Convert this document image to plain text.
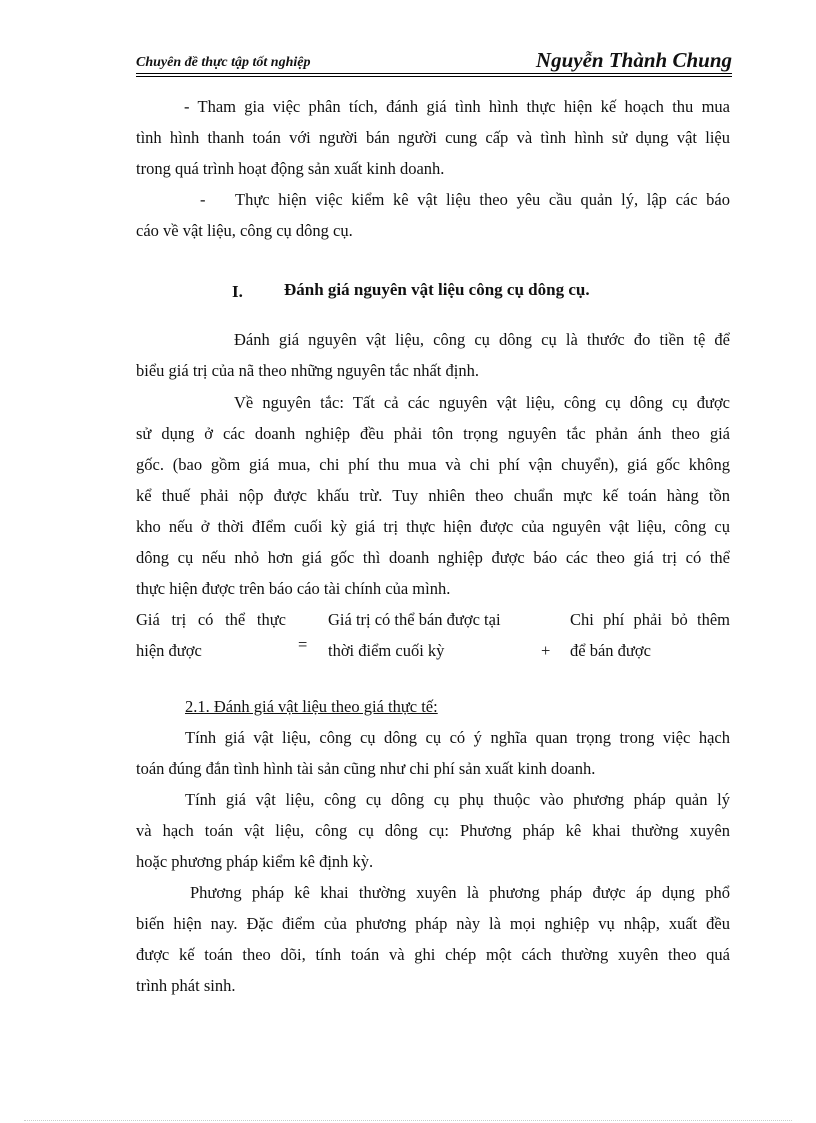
Chuyên đề thực tập tốt nghiệp	Nguyễn Thành Chung
- Tham gia việc phân tích, đánh giá tình hình thực hiện kế hoạch thu mua
tình hình thanh toán với người bán người cung cấp và tình hình sử dụng vật liệu
trong quá trình hoạt động sản xuất kinh doanh.
- Thực hiện việc kiểm kê vật liệu theo yêu cầu quản lý, lập các báo
cáo về vật liệu, công cụ dông cụ.
I. Đánh giá nguyên vật liệu công cụ dông cụ.
Đánh giá nguyên vật liệu, công cụ dông cụ là thước đo tiền tệ để
biểu giá trị của nã theo những nguyên tắc nhất định.
Về nguyên tắc: Tất cả các nguyên vật liệu, công cụ dông cụ được
sử dụng ở các doanh nghiệp đều phải tôn trọng nguyên tắc phản ánh theo giá
gốc. (bao gồm giá mua, chi phí thu mua và chi phí vận chuyển), giá gốc không
kể thuế phải nộp được khấu trừ. Tuy nhiên theo chuẩn mực kế toán hàng tồn
kho nếu ở thời đIểm cuối kỳ giá trị thực hiện được của nguyên vật liệu, công cụ
dông cụ nếu nhỏ hơn giá gốc thì doanh nghiệp được báo các theo giá trị có thể
thực hiện được trên báo cáo tài chính của mình.
Giá trị có thể thực
hiện được	=
Giá trị có thể bán được tại
thời điểm cuối kỳ	+
Chi phí phải bỏ thêm
để bán được
2.1. Đánh giá vật liệu theo giá thực tế:
Tính giá vật liệu, công cụ dông cụ có ý nghĩa quan trọng trong việc hạch
toán đúng đắn tình hình tài sản cũng như chi phí sản xuất kinh doanh.
Tính giá vật liệu, công cụ dông cụ phụ thuộc vào phương pháp quản lý
và hạch toán vật liệu, công cụ dông cụ: Phương pháp kê khai thường xuyên
hoặc phương pháp kiểm kê định kỳ.
Phương pháp kê khai thường xuyên là phương pháp được áp dụng phổ
biến hiện nay. Đặc điểm của phương pháp này là mọi nghiệp vụ nhập, xuất đều
được kế toán theo dõi, tính toán và ghi chép một cách thường xuyên theo quá
trình phát sinh.
